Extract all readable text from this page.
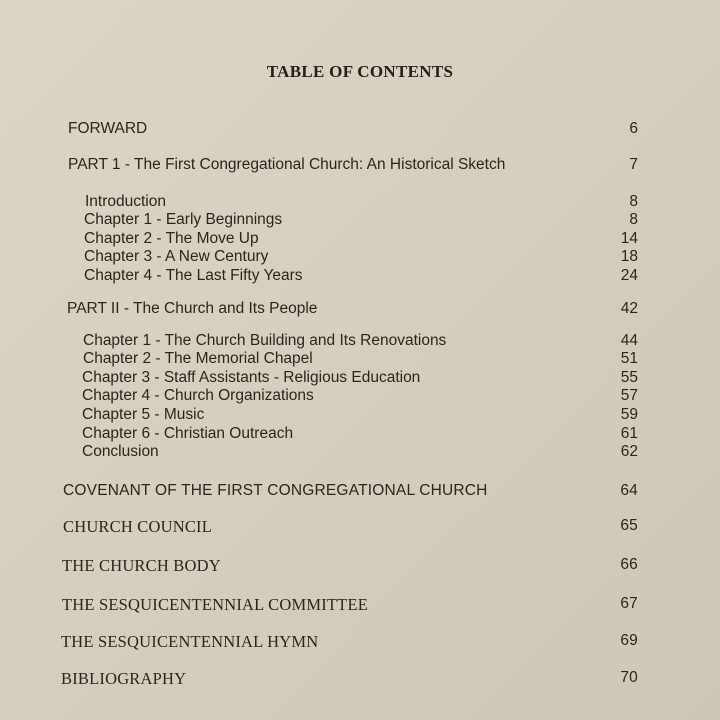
TABLE OF CONTENTS
FORWARD	6
PART 1 - The First Congregational Church: An Historical Sketch	7
Introduction	8
Chapter 1 - Early Beginnings	8
Chapter 2 - The Move Up	14
Chapter 3 - A New Century	18
Chapter 4 - The Last Fifty Years	24
PART II - The Church and Its People	42
Chapter 1 - The Church Building and Its Renovations	44
Chapter 2 - The Memorial Chapel	51
Chapter 3 - Staff Assistants - Religious Education	55
Chapter 4 - Church Organizations	57
Chapter 5 - Music	59
Chapter 6 - Christian Outreach	61
Conclusion	62
COVENANT OF THE FIRST CONGREGATIONAL CHURCH	64
CHURCH COUNCIL	65
THE CHURCH BODY	66
THE SESQUICENTENNIAL COMMITTEE	67
THE SESQUICENTENNIAL HYMN	69
BIBLIOGRAPHY	70
